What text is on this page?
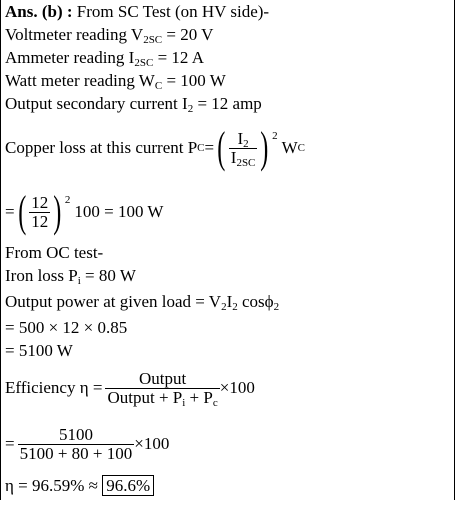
Ans. (b) : From SC Test (on HV side)-
Voltmeter reading $V_{2SC} = 20$ V
Ammeter reading $I_{2SC} = 12$ A
Watt meter reading $W_C = 100$ W
Output secondary current $I_2 = 12$ amp
Copper loss at this current P C = ( $\frac{I_2}{I_{2SC}}$ ) 2
W C
= ( $\frac{12}{12}$ ) 2
100 = 100 W
From OC test-
Iron loss $P_i = 80$ W
Output power at given load = $V_2I_2$ cosϕ$_2$
= 500 × 12 × 0.85
= 5100 W
Efficiency $\eta = \frac{\text{Output}}{Output + P_i + P_c} \times 100$
= $\frac{5100}{5100 + 80 + 100} \times 100$
η = 96.59% ≈ 96.6%
